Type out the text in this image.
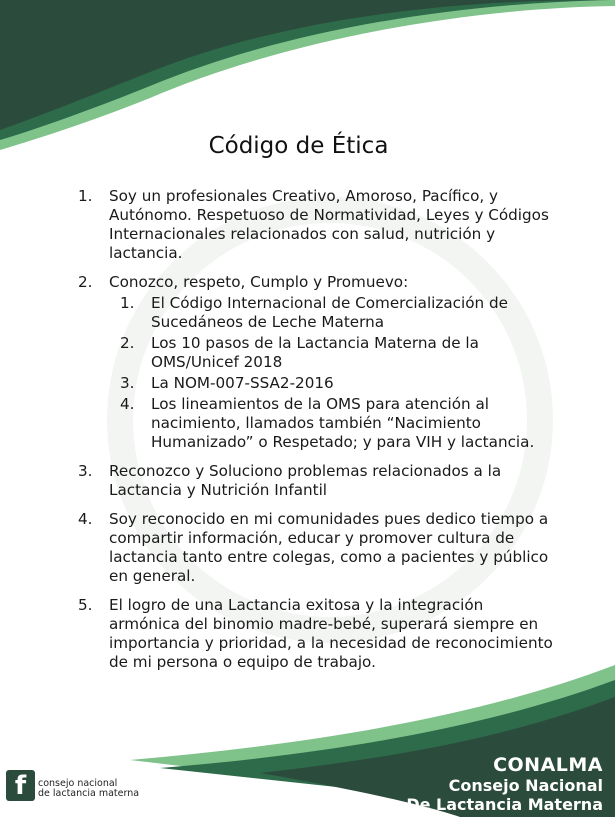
Código de Ética
1. Soy un profesionales Creativo, Amoroso, Pacífico, y Autónomo. Respetuoso de Normatividad, Leyes y Códigos Internacionales relacionados con salud, nutrición y lactancia.
2. Conozco, respeto, Cumplo y Promuevo:
1. El Código Internacional de Comercialización de Sucedáneos de Leche Materna
2. Los 10 pasos de la Lactancia Materna de la OMS/Unicef 2018
3. La NOM-007-SSA2-2016
4. Los lineamientos de la OMS para atención al nacimiento, llamados también “Nacimiento Humanizado” o Respetado; y para VIH y lactancia.
3. Reconozco y Soluciono problemas relacionados a la Lactancia y Nutrición Infantil
4. Soy reconocido en mi comunidades pues dedico tiempo a compartir información, educar y promover cultura de lactancia tanto entre colegas, como a pacientes y público en general.
5. El logro de una Lactancia exitosa y la integración armónica del binomio madre-bebé, superará siempre en importancia y prioridad, a la necesidad de reconocimiento de mi persona o equipo de trabajo.
f	consejo nacional
de lactancia materna
CONALMA
Consejo Nacional
De Lactancia Materna
